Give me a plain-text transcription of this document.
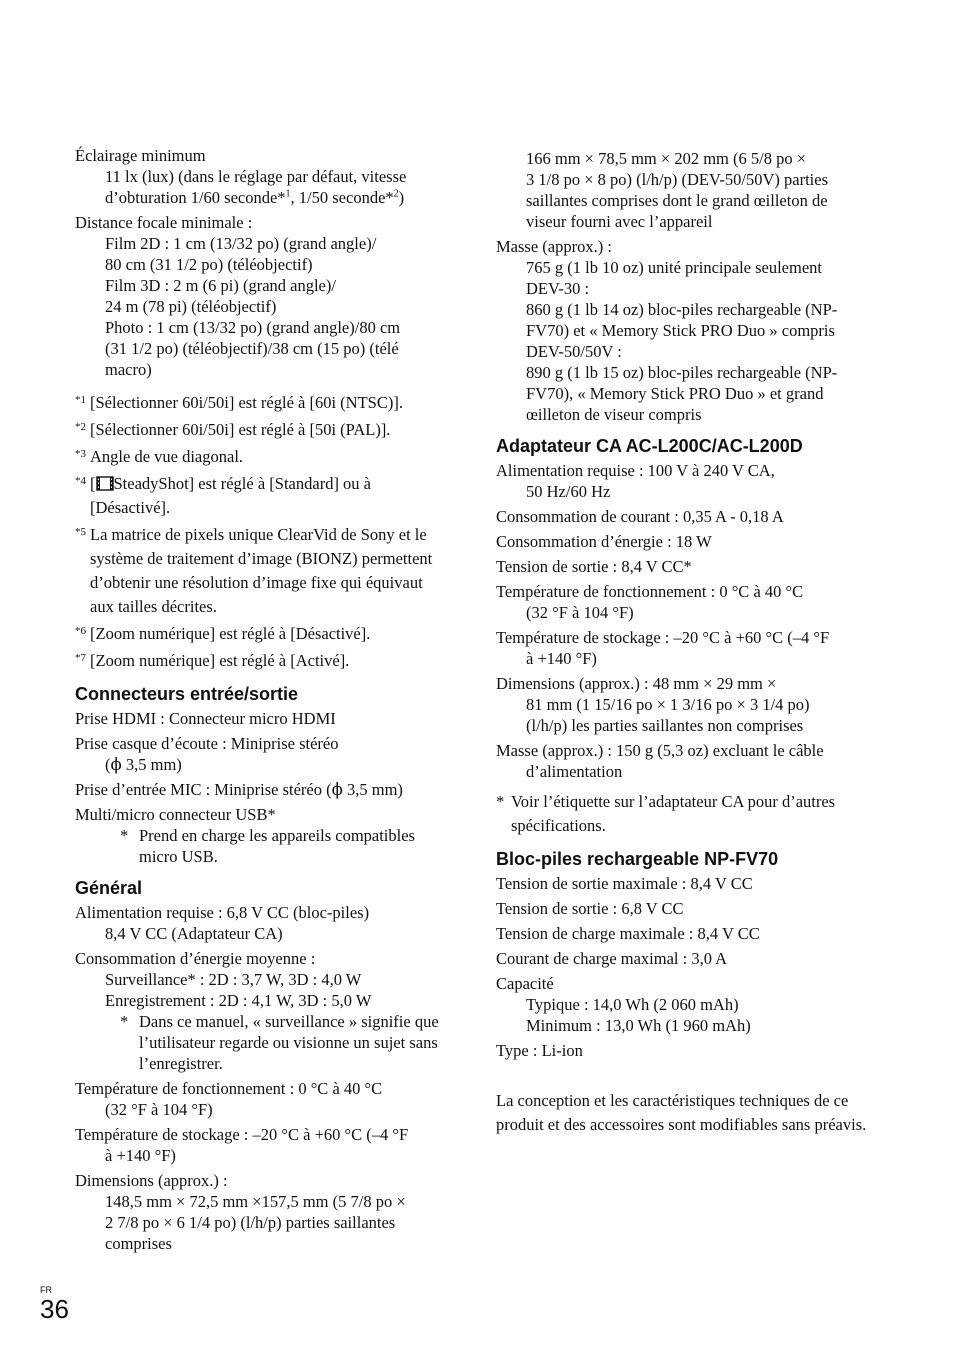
Éclairage minimum

11 lx (lux) (dans le réglage par défaut, vitesse

d’obturation 1/60 seconde*$^1$, 1/50 seconde*$^2$)

Distance focale minimale :

Film 2D : 1 cm (13/32 po) (grand angle)/

80 cm (31 1/2 po) (téléobjectif)

Film 3D : 2 m (6 pi) (grand angle)/

24 m (78 pi) (téléobjectif)

Photo : 1 cm (13/32 po) (grand angle)/80 cm

(31 1/2 po) (téléobjectif)/38 cm (15 po) (télé

macro)

*1 [Sélectionner 60i/50i] est réglé à [60i (NTSC)].
*2 [Sélectionner 60i/50i] est réglé à [50i (PAL)].
*3 Angle de vue diagonal.
*4 [ SteadyShot] est réglé à [Standard] ou à [Désactivé].
*5 La matrice de pixels unique ClearVid de Sony et le système de traitement d’image (BIONZ) permettent d’obtenir une résolution d’image fixe qui équivaut aux tailles décrites.
*6 [Zoom numérique] est réglé à [Désactivé].
*7 [Zoom numérique] est réglé à [Activé].
Connecteurs entrée/sortie

Prise HDMI : Connecteur micro HDMI

Prise casque d’écoute : Miniprise stéréo

(ϕ 3,5 mm)

Prise d’entrée MIC : Miniprise stéréo (ϕ 3,5 mm)

Multi/micro connecteur USB*

* Prend en charge les appareils compatibles micro USB.
Général

Alimentation requise : 6,8 V CC (bloc-piles)

8,4 V CC (Adaptateur CA)

Consommation d’énergie moyenne :

Surveillance* : 2D : 3,7 W, 3D : 4,0 W

Enregistrement : 2D : 4,1 W, 3D : 5,0 W

* Dans ce manuel, « surveillance » signifie que l’utilisateur regarde ou visionne un sujet sans l’enregistrer.

Température de fonctionnement : 0 °C à 40 °C

(32 °F à 104 °F)

Température de stockage : –20 °C à +60 °C (–4 °F

à +140 °F)

Dimensions (approx.) :

148,5 mm × 72,5 mm ×157,5 mm (5 7/8 po ×

2 7/8 po × 6 1/4 po) (l/h/p) parties saillantes

comprises

166 mm × 78,5 mm × 202 mm (6 5/8 po ×

3 1/8 po × 8 po) (l/h/p) (DEV-50/50V) parties

saillantes comprises dont le grand œilleton de

viseur fourni avec l’appareil

Masse (approx.) :

765 g (1 lb 10 oz) unité principale seulement

DEV-30 :

860 g (1 lb 14 oz) bloc-piles rechargeable (NP-

FV70) et « Memory Stick PRO Duo » compris

DEV-50/50V :

890 g (1 lb 15 oz) bloc-piles rechargeable (NP-

FV70), « Memory Stick PRO Duo » et grand

œilleton de viseur compris

Adaptateur CA AC-L200C/AC-L200D

Alimentation requise : 100 V à 240 V CA,

50 Hz/60 Hz

Consommation de courant : 0,35 A - 0,18 A

Consommation d’énergie : 18 W

Tension de sortie : 8,4 V CC*

Température de fonctionnement : 0 °C à 40 °C

(32 °F à 104 °F)

Température de stockage : –20 °C à +60 °C (–4 °F

à +140 °F)

Dimensions (approx.) : 48 mm × 29 mm ×

81 mm (1 15/16 po × 1 3/16 po × 3 1/4 po)

(l/h/p) les parties saillantes non comprises

Masse (approx.) : 150 g (5,3 oz) excluant le câble

d’alimentation

* Voir l’étiquette sur l’adaptateur CA pour d’autres spécifications.
Bloc-piles rechargeable NP-FV70

Tension de sortie maximale : 8,4 V CC

Tension de sortie : 6,8 V CC

Tension de charge maximale : 8,4 V CC

Courant de charge maximal : 3,0 A

Capacité

Typique : 14,0 Wh (2 060 mAh)

Minimum : 13,0 Wh (1 960 mAh)

Type : Li-ion

La conception et les caractéristiques techniques de ce produit et des accessoires sont modifiables sans préavis.

FR
36
